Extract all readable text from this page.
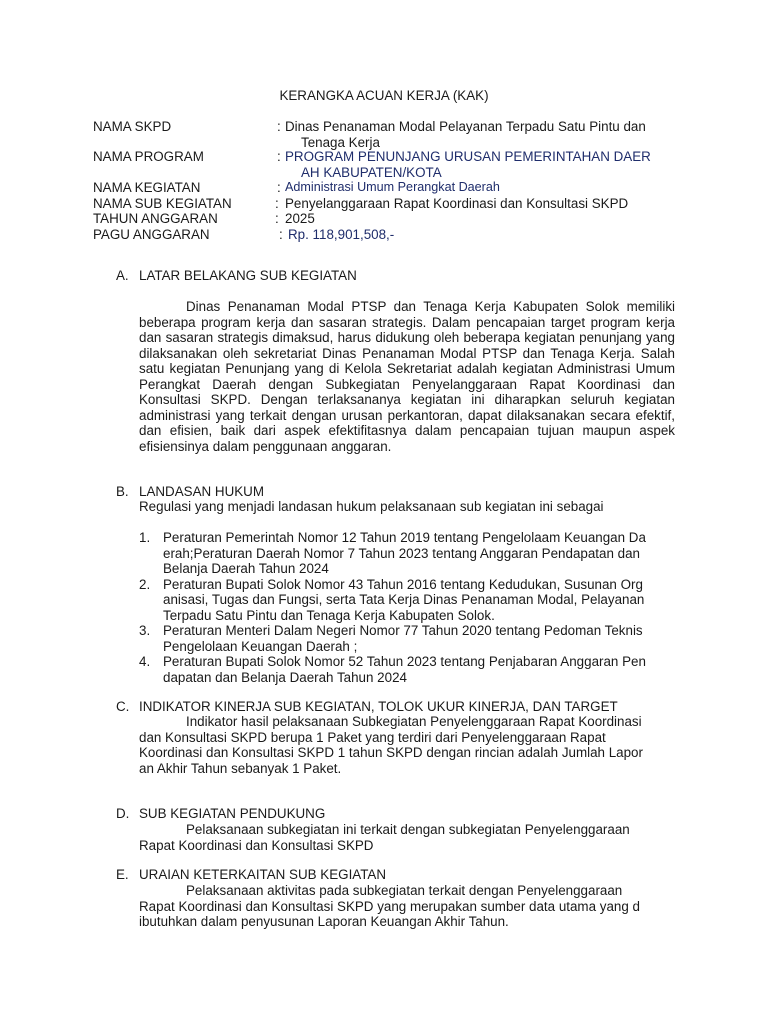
KERANGKA ACUAN KERJA (KAK)
NAMA SKPD	: Dinas Penanaman Modal Pelayanan Terpadu Satu Pintu dan
Tenaga Kerja
NAMA PROGRAM	: PROGRAM PENUNJANG URUSAN PEMERINTAHAN DAER
AH KABUPATEN/KOTA
NAMA KEGIATAN	: Administrasi Umum Perangkat Daerah
NAMA SUB KEGIATAN	: Penyelanggaraan Rapat Koordinasi dan Konsultasi SKPD
TAHUN ANGGARAN	: 2025
PAGU ANGGARAN	: Rp. 118,901,508,-
A. LATAR BELAKANG SUB KEGIATAN
Dinas Penanaman Modal PTSP dan Tenaga Kerja Kabupaten Solok memiliki beberapa program kerja dan sasaran strategis. Dalam pencapaian target program kerja dan sasaran strategis dimaksud, harus didukung oleh beberapa kegiatan penunjang yang dilaksanakan oleh sekretariat Dinas Penanaman Modal PTSP dan Tenaga Kerja. Salah satu kegiatan Penunjang yang di Kelola Sekretariat adalah kegiatan Administrasi Umum Perangkat Daerah dengan Subkegiatan Penyelanggaraan Rapat Koordinasi dan Konsultasi SKPD. Dengan terlaksananya kegiatan ini diharapkan seluruh kegiatan administrasi yang terkait dengan urusan perkantoran, dapat dilaksanakan secara efektif, dan efisien, baik dari aspek efektifitasnya dalam pencapaian tujuan maupun aspek efisiensinya dalam penggunaan anggaran.
B. LANDASAN HUKUM
Regulasi yang menjadi landasan hukum pelaksanaan sub kegiatan ini sebagai
1. Peraturan Pemerintah Nomor 12 Tahun 2019 tentang Pengelolaam Keuangan Da
erah;Peraturan Daerah Nomor 7 Tahun 2023 tentang Anggaran Pendapatan dan
Belanja Daerah Tahun 2024
2. Peraturan Bupati Solok Nomor 43 Tahun 2016 tentang Kedudukan, Susunan Org
anisasi, Tugas dan Fungsi, serta Tata Kerja Dinas Penanaman Modal, Pelayanan
Terpadu Satu Pintu dan Tenaga Kerja Kabupaten Solok.
3. Peraturan Menteri Dalam Negeri Nomor 77 Tahun 2020 tentang Pedoman Teknis
Pengelolaan Keuangan Daerah ;
4. Peraturan Bupati Solok Nomor 52 Tahun 2023 tentang Penjabaran Anggaran Pen
dapatan dan Belanja Daerah Tahun 2024
C. INDIKATOR KINERJA SUB KEGIATAN, TOLOK UKUR KINERJA, DAN TARGET
Indikator hasil pelaksanaan Subkegiatan Penyelenggaraan Rapat Koordinasi
dan Konsultasi SKPD berupa 1 Paket yang terdiri dari Penyelenggaraan Rapat
Koordinasi dan Konsultasi SKPD 1 tahun SKPD dengan rincian adalah Jumlah Lapor
an Akhir Tahun sebanyak 1 Paket.
D. SUB KEGIATAN PENDUKUNG
Pelaksanaan subkegiatan ini terkait dengan subkegiatan Penyelenggaraan
Rapat Koordinasi dan Konsultasi SKPD
E. URAIAN KETERKAITAN SUB KEGIATAN
Pelaksanaan aktivitas pada subkegiatan terkait dengan Penyelenggaraan
Rapat Koordinasi dan Konsultasi SKPD yang merupakan sumber data utama yang d
ibutuhkan dalam penyusunan Laporan Keuangan Akhir Tahun.
